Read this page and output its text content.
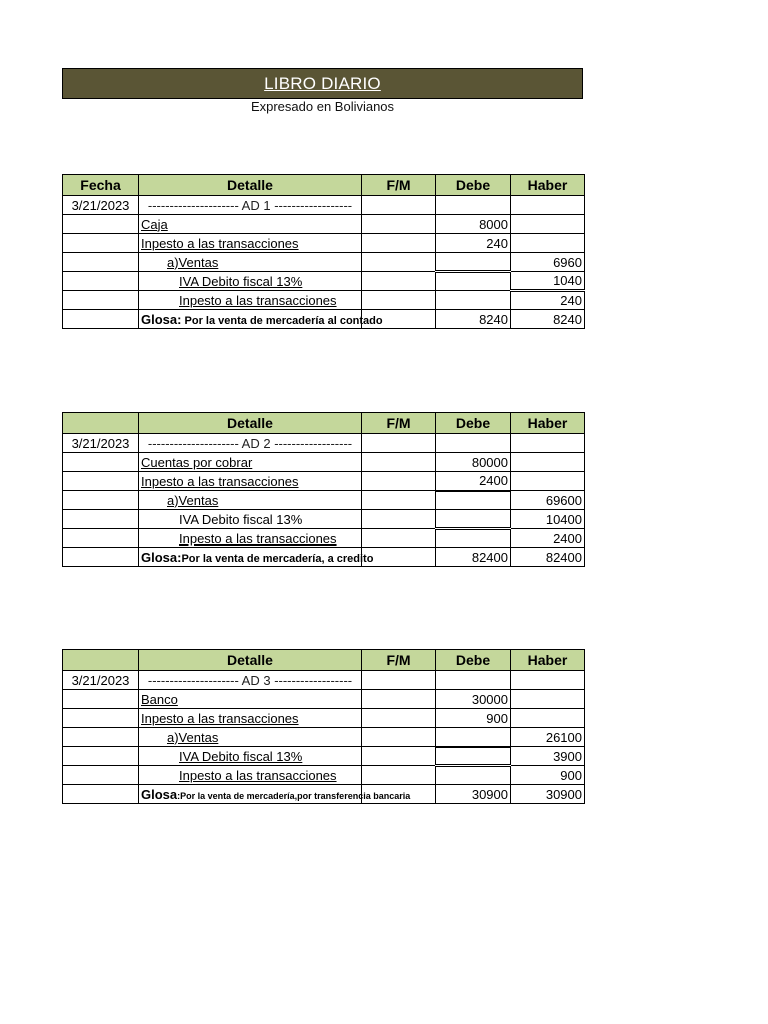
LIBRO DIARIO
Expresado en Bolivianos
Fecha	Detalle	F/M	Debe	Haber
3/21/2023	--------------------- AD 1 ------------------			
	Caja		8000	
	Inpesto a las transacciones		240	
	a)Ventas			6960
	IVA Debito fiscal 13%			1040
	Inpesto a las transacciones			240
	Glosa: Por la venta de mercadería al contado		8240	8240
	Detalle	F/M	Debe	Haber
3/21/2023	--------------------- AD 2 ------------------			
	Cuentas por cobrar		80000	
	Inpesto a las transacciones		2400	
	a)Ventas			69600
	IVA Debito fiscal 13%			10400
	Inpesto a las transacciones			2400
	Glosa:Por la venta de mercadería, a credito		82400	82400
	Detalle	F/M	Debe	Haber
3/21/2023	--------------------- AD 3 ------------------			
	Banco		30000	
	Inpesto a las transacciones		900	
	a)Ventas			26100
	IVA Debito fiscal 13%			3900
	Inpesto a las transacciones			900
	Glosa:Por la venta de mercadería,por transferencia bancaria		30900	30900
